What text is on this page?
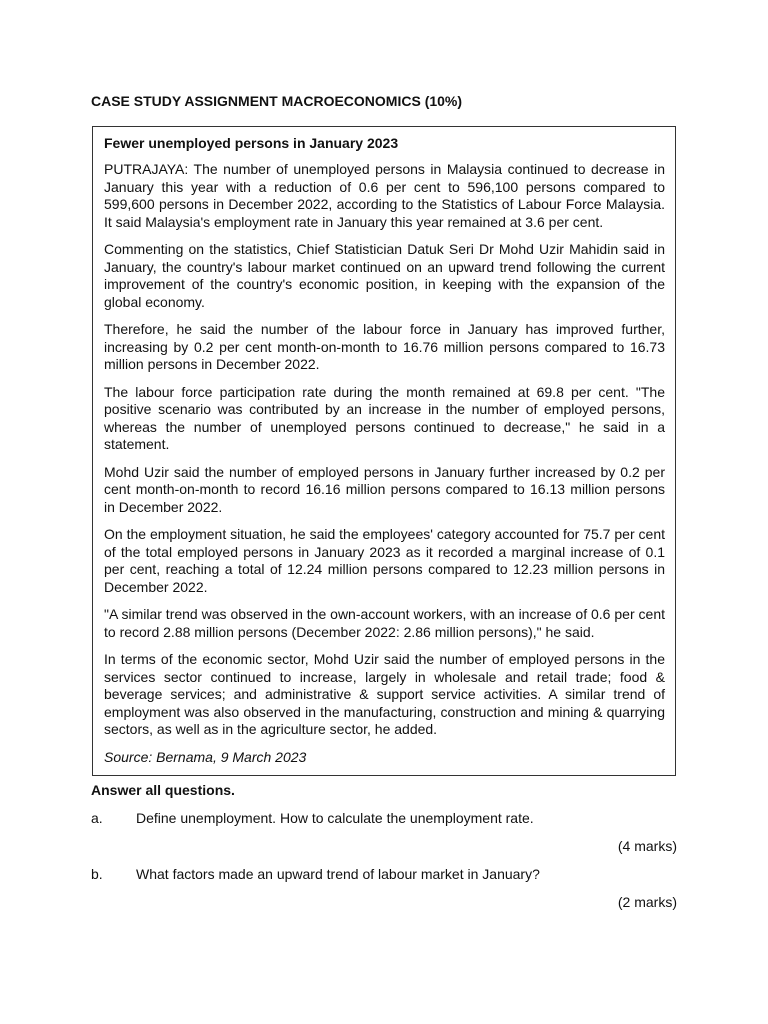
CASE STUDY ASSIGNMENT MACROECONOMICS (10%)
Fewer unemployed persons in January 2023

PUTRAJAYA: The number of unemployed persons in Malaysia continued to decrease in January this year with a reduction of 0.6 per cent to 596,100 persons compared to 599,600 persons in December 2022, according to the Statistics of Labour Force Malaysia. It said Malaysia's employment rate in January this year remained at 3.6 per cent.

Commenting on the statistics, Chief Statistician Datuk Seri Dr Mohd Uzir Mahidin said in January, the country's labour market continued on an upward trend following the current improvement of the country's economic position, in keeping with the expansion of the global economy.

Therefore, he said the number of the labour force in January has improved further, increasing by 0.2 per cent month-on-month to 16.76 million persons compared to 16.73 million persons in December 2022.

The labour force participation rate during the month remained at 69.8 per cent. "The positive scenario was contributed by an increase in the number of employed persons, whereas the number of unemployed persons continued to decrease," he said in a statement.

Mohd Uzir said the number of employed persons in January further increased by 0.2 per cent month-on-month to record 16.16 million persons compared to 16.13 million persons in December 2022.

On the employment situation, he said the employees' category accounted for 75.7 per cent of the total employed persons in January 2023 as it recorded a marginal increase of 0.1 per cent, reaching a total of 12.24 million persons compared to 12.23 million persons in December 2022.

"A similar trend was observed in the own-account workers, with an increase of 0.6 per cent to record 2.88 million persons (December 2022: 2.86 million persons)," he said.

In terms of the economic sector, Mohd Uzir said the number of employed persons in the services sector continued to increase, largely in wholesale and retail trade; food & beverage services; and administrative & support service activities. A similar trend of employment was also observed in the manufacturing, construction and mining & quarrying sectors, as well as in the agriculture sector, he added.

Source: Bernama, 9 March 2023

Answer all questions.
a. Define unemployment. How to calculate the unemployment rate.
(4 marks)
b. What factors made an upward trend of labour market in January?
(2 marks)
